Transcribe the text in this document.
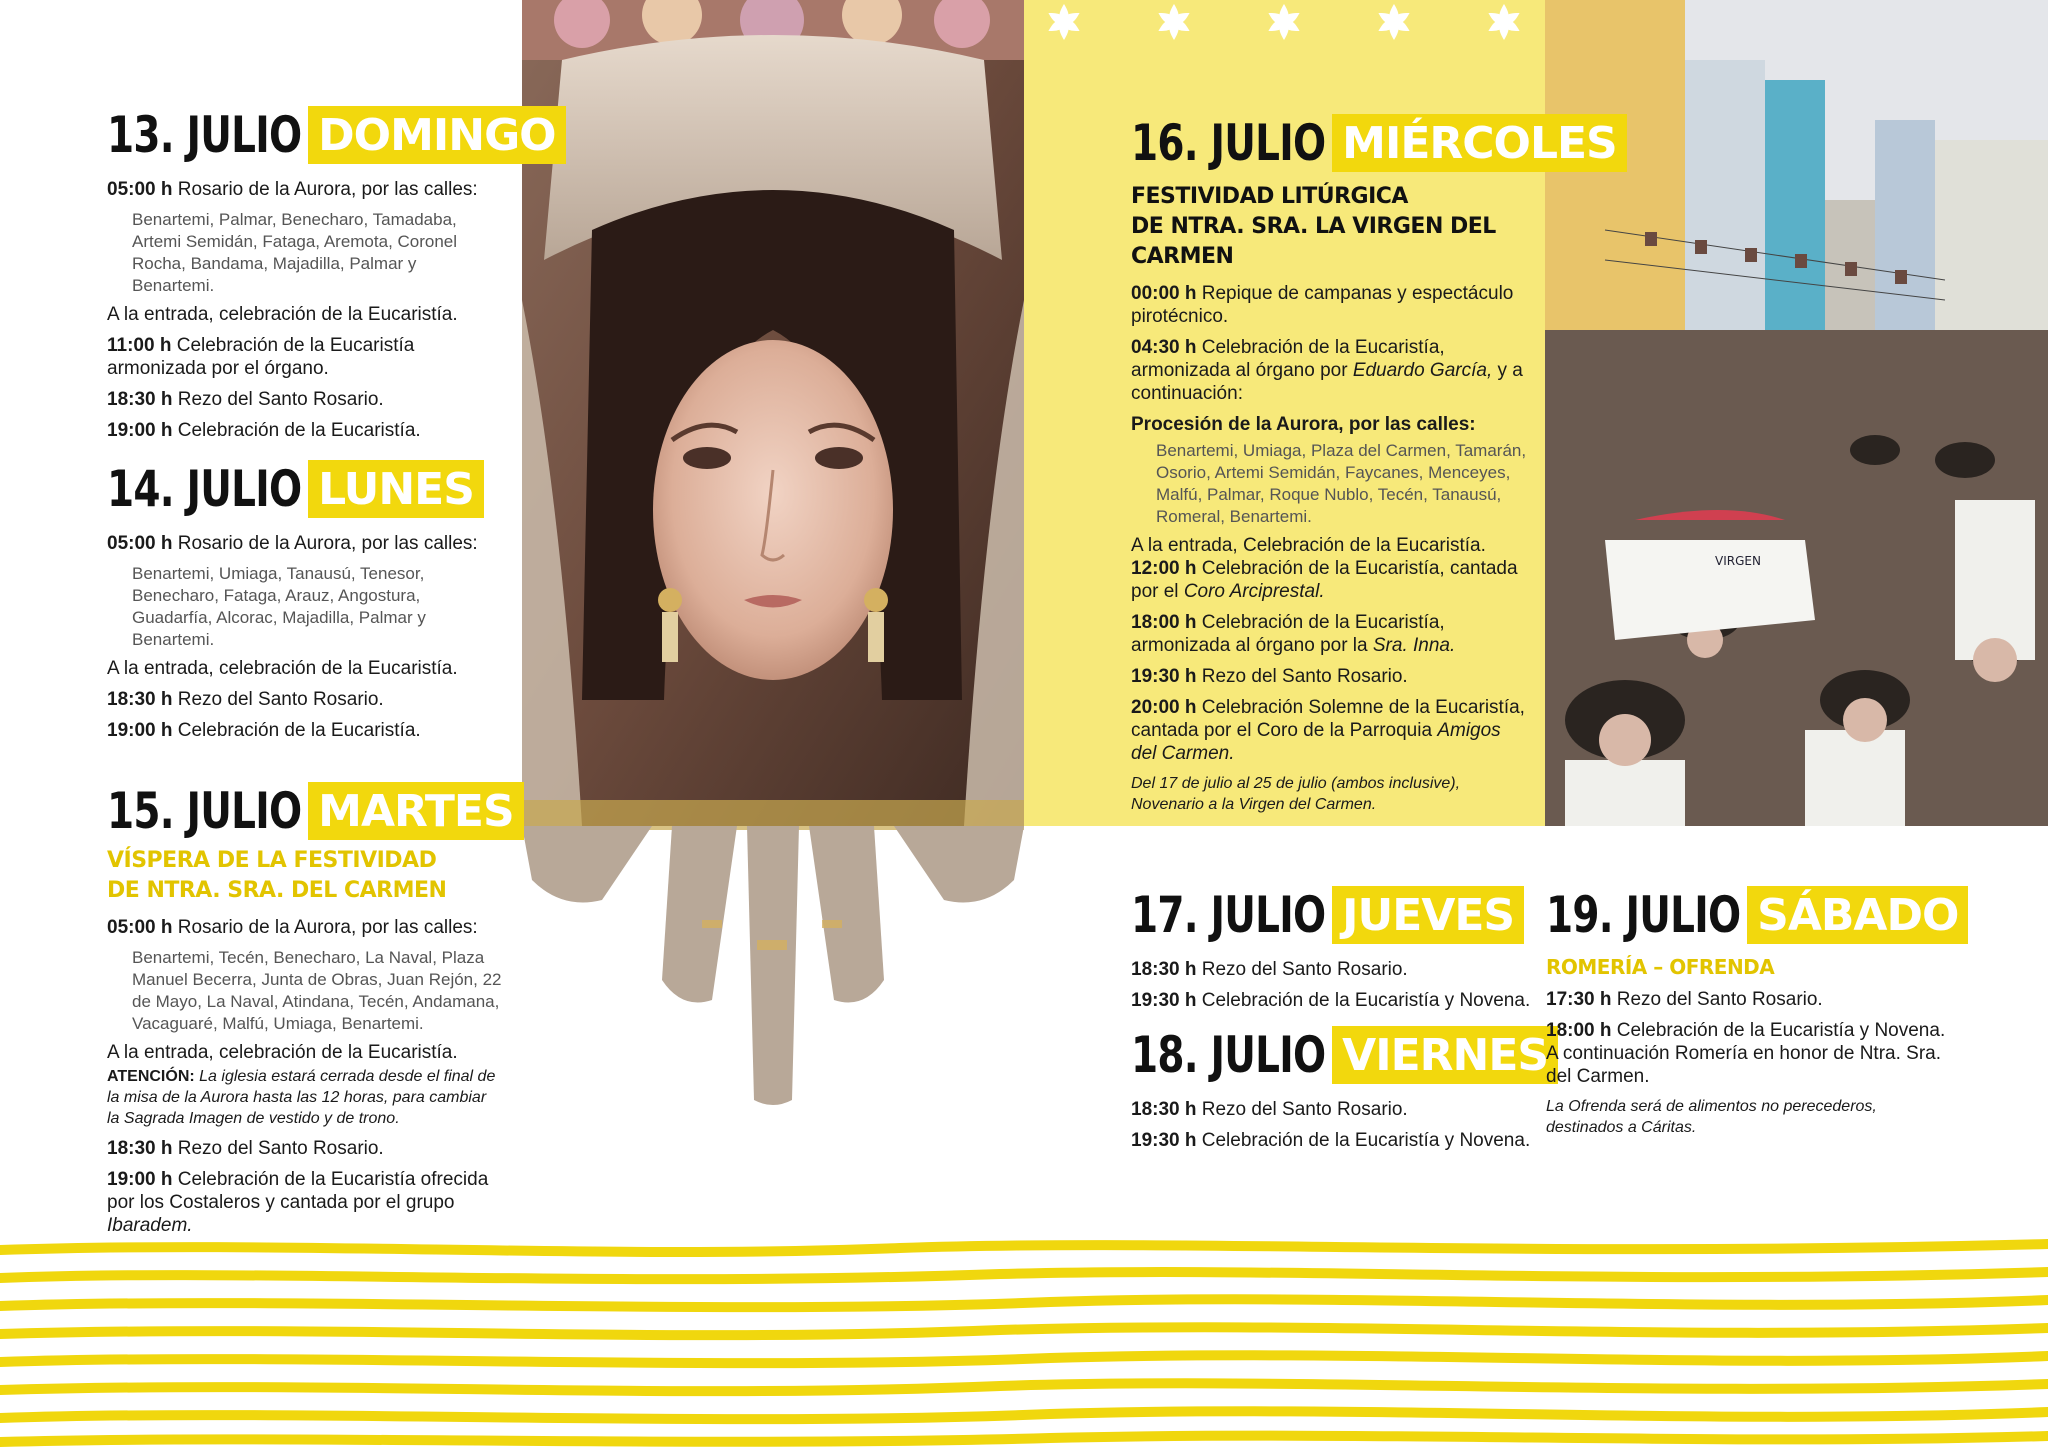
VIRGEN
13. JULIO DOMINGO
05:00 h Rosario de la Aurora, por las calles:
Benartemi, Palmar, Benecharo, Tamadaba, Artemi Semidán, Fataga, Aremota, Coronel Rocha, Bandama, Majadilla, Palmar y Benartemi.
A la entrada, celebración de la Eucaristía.
11:00 h Celebración de la Eucaristía armonizada por el órgano.
18:30 h Rezo del Santo Rosario.
19:00 h Celebración de la Eucaristía.
14. JULIO LUNES
05:00 h Rosario de la Aurora, por las calles:
Benartemi, Umiaga, Tanausú, Tenesor, Benecharo, Fataga, Arauz, Angostura, Guadarfía, Alcorac, Majadilla, Palmar y Benartemi.
A la entrada, celebración de la Eucaristía.
18:30 h Rezo del Santo Rosario.
19:00 h Celebración de la Eucaristía.
15. JULIO MARTES
VÍSPERA DE LA FESTIVIDAD
DE NTRA. SRA. DEL CARMEN
05:00 h Rosario de la Aurora, por las calles:
Benartemi, Tecén, Benecharo, La Naval, Plaza Manuel Becerra, Junta de Obras, Juan Rejón, 22 de Mayo, La Naval, Atindana, Tecén, Andamana, Vacaguaré, Malfú, Umiaga, Benartemi.
A la entrada, celebración de la Eucaristía.
ATENCIÓN: La iglesia estará cerrada desde el final de la misa de la Aurora hasta las 12 horas, para cambiar la Sagrada Imagen de vestido y de trono.
18:30 h Rezo del Santo Rosario.
19:00 h Celebración de la Eucaristía ofrecida por los Costaleros y cantada por el grupo Ibaradem.
16. JULIO MIÉRCOLES
FESTIVIDAD LITÚRGICA
DE NTRA. SRA. LA VIRGEN DEL CARMEN
00:00 h Repique de campanas y espectáculo pirotécnico.
04:30 h Celebración de la Eucaristía, armonizada al órgano por Eduardo García, y a continuación:
Procesión de la Aurora, por las calles:
Benartemi, Umiaga, Plaza del Carmen, Tamarán, Osorio, Artemi Semidán, Faycanes, Menceyes, Malfú, Palmar, Roque Nublo, Tecén, Tanausú, Romeral, Benartemi.
A la entrada, Celebración de la Eucaristía.
12:00 h Celebración de la Eucaristía, cantada por el Coro Arciprestal.
18:00 h Celebración de la Eucaristía, armonizada al órgano por la Sra. Inna.
19:30 h Rezo del Santo Rosario.
20:00 h Celebración Solemne de la Eucaristía, cantada por el Coro de la Parroquia Amigos del Carmen.
Del 17 de julio al 25 de julio (ambos inclusive), Novenario a la Virgen del Carmen.
17. JULIO JUEVES
18:30 h Rezo del Santo Rosario.
19:30 h Celebración de la Eucaristía y Novena.
18. JULIO VIERNES
18:30 h Rezo del Santo Rosario.
19:30 h Celebración de la Eucaristía y Novena.
19. JULIO SÁBADO
ROMERÍA – OFRENDA
17:30 h Rezo del Santo Rosario.
18:00 h Celebración de la Eucaristía y Novena. A continuación Romería en honor de Ntra. Sra. del Carmen.
La Ofrenda será de alimentos no perecederos, destinados a Cáritas.
